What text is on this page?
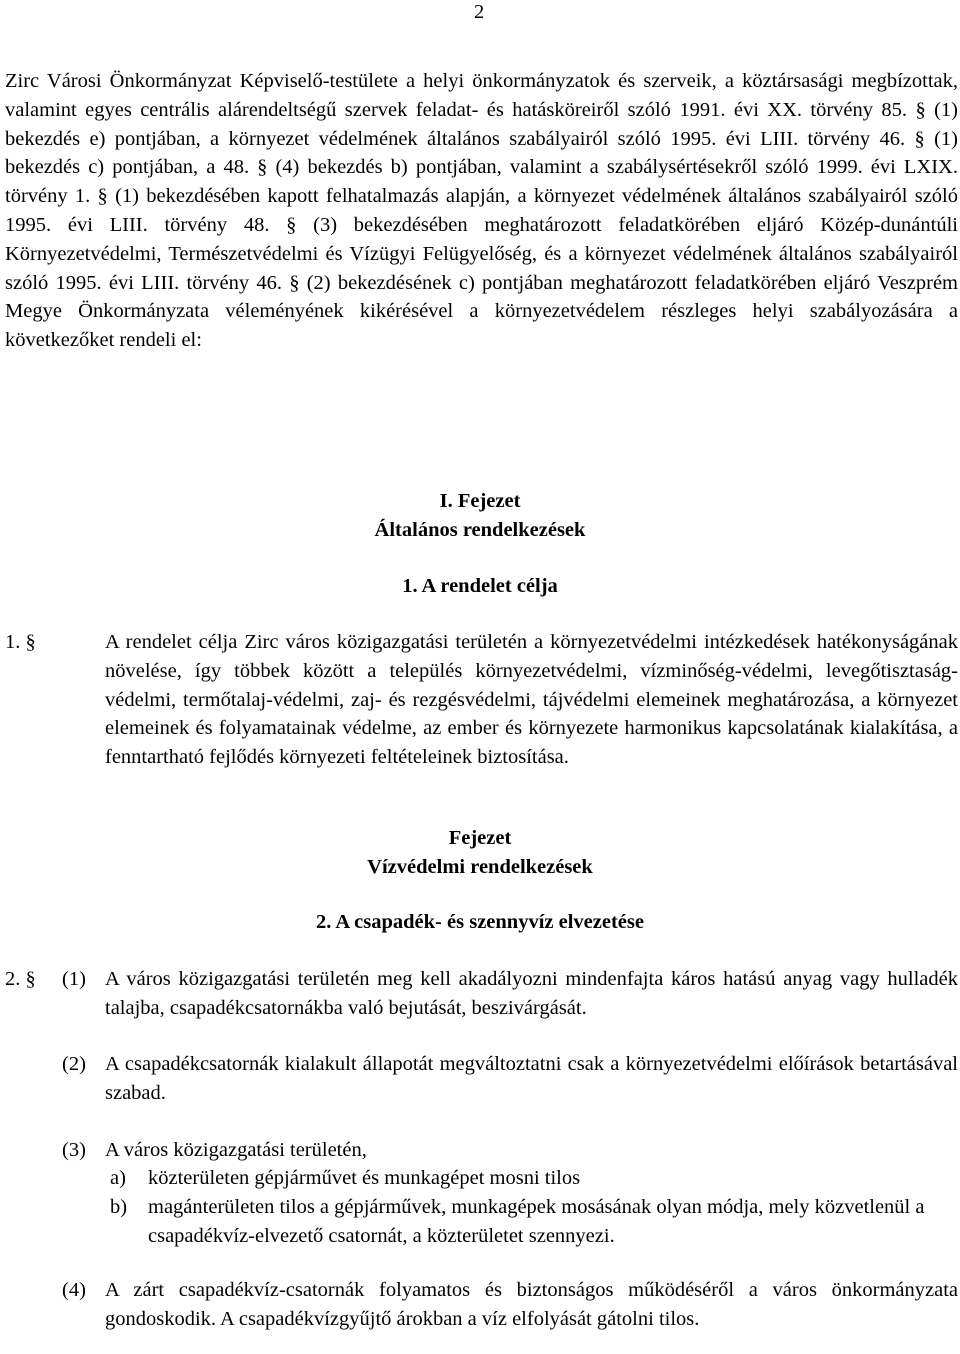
2
Zirc Városi Önkormányzat Képviselő-testülete a helyi önkormányzatok és szerveik, a köztársasági megbízottak, valamint egyes centrális alárendeltségű szervek feladat- és hatásköreiről szóló 1991. évi XX. törvény 85. § (1) bekezdés e) pontjában, a környezet védelmének általános szabályairól szóló 1995. évi LIII. törvény 46. § (1) bekezdés c) pontjában, a 48. § (4) bekezdés b) pontjában, valamint a szabálysértésekről szóló 1999. évi LXIX. törvény 1. § (1) bekezdésében kapott felhatalmazás alapján, a környezet védelmének általános szabályairól szóló 1995. évi LIII. törvény 48. § (3) bekezdésében meghatározott feladatkörében eljáró Közép-dunántúli Környezetvédelmi, Természetvédelmi és Vízügyi Felügyelőség, és a környezet védelmének általános szabályairól szóló 1995. évi LIII. törvény 46. § (2) bekezdésének c) pontjában meghatározott feladatkörében eljáró Veszprém Megye Önkormányzata véleményének kikérésével a környezetvédelem részleges helyi szabályozására a következőket rendeli el:
I. Fejezet
Általános rendelkezések
1. A rendelet célja
1. §	A rendelet célja Zirc város közigazgatási területén a környezetvédelmi intézkedések hatékonyságának növelése, így többek között a település környezetvédelmi, vízminőség-védelmi, levegőtisztaság-védelmi, termőtalaj-védelmi, zaj- és rezgésvédelmi, tájvédelmi elemeinek meghatározása, a környezet elemeinek és folyamatainak védelme, az ember és környezete harmonikus kapcsolatának kialakítása, a fenntartható fejlődés környezeti feltételeinek biztosítása.
Fejezet
Vízvédelmi rendelkezések
2. A csapadék- és szennyvíz elvezetése
2. § (1) A város közigazgatási területén meg kell akadályozni mindenfajta káros hatású anyag vagy hulladék talajba, csapadékcsatornákba való bejutását, beszivárgását.
(2) A csapadékcsatornák kialakult állapotát megváltoztatni csak a környezetvédelmi előírások betartásával szabad.
(3) A város közigazgatási területén,
a) közterületen gépjárművet és munkagépet mosni tilos
b) magánterületen tilos a gépjárművek, munkagépek mosásának olyan módja, mely közvetlenül a csapadékvíz-elvezető csatornát, a közterületet szennyezi.
(4) A zárt csapadékvíz-csatornák folyamatos és biztonságos működéséről a város önkormányzata gondoskodik. A csapadékvízgyűjtő árokban a víz elfolyását gátolni tilos.
